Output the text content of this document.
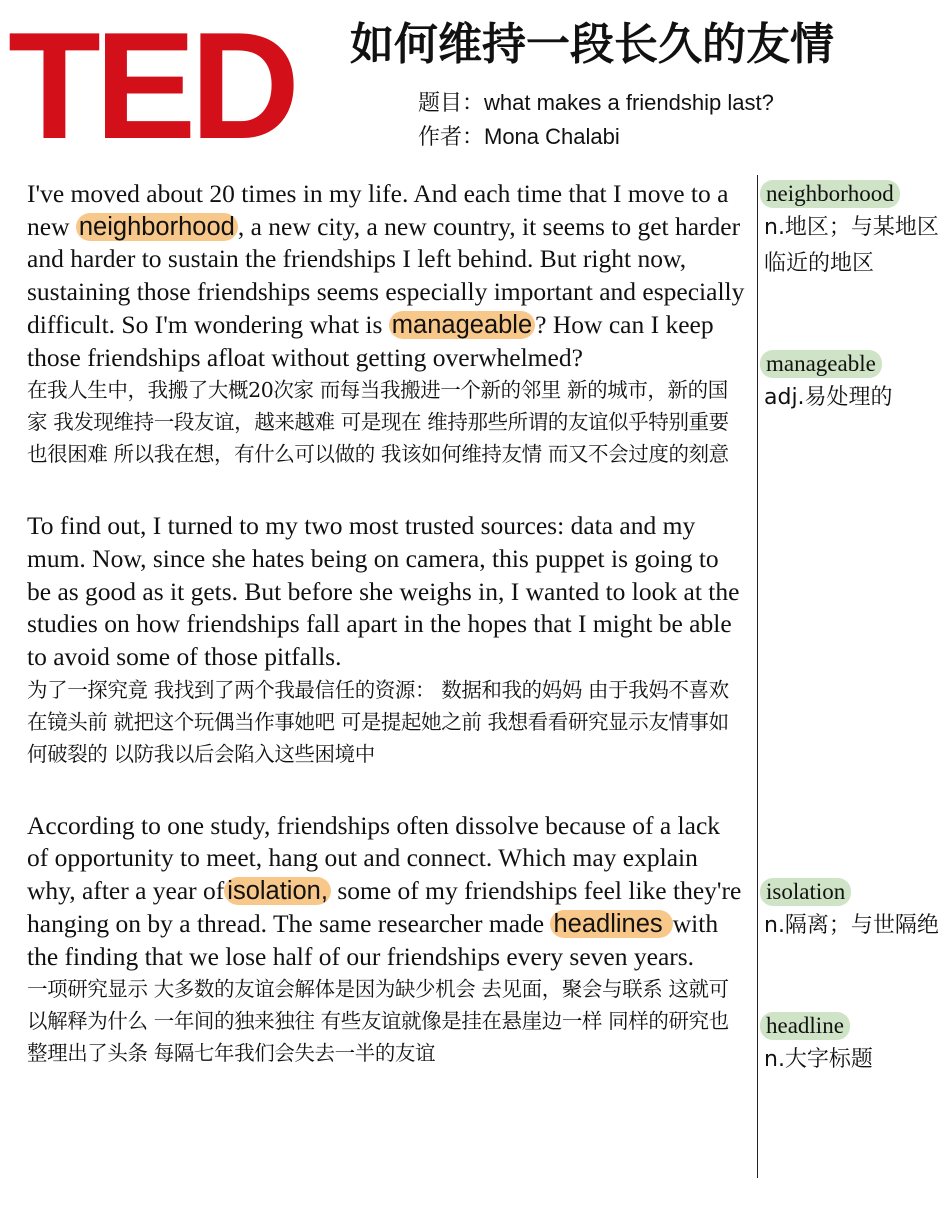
TED 如何维持一段长久的友情
题目：what makes a friendship last?
作者：Mona Chalabi

I've moved about 20 times in my life. And each time that I move to a new neighborhood , a new city, a new country, it seems to get harder and harder to sustain the friendships I left behind. But right now, sustaining those friendships seems especially important and especially difficult. So I'm wondering what is manageable ? How can I keep those friendships afloat without getting overwhelmed?

在我人生中，我搬了大概20次家 而每当我搬进一个新的邻里 新的城市，新的国家 我发现维持一段友谊，越来越难 可是现在 维持那些所谓的友谊似乎特别重要 也很困难 所以我在想，有什么可以做的 我该如何维持友情 而又不会过度的刻意

To find out, I turned to my two most trusted sources: data and my mum. Now, since she hates being on camera, this puppet is going to be as good as it gets. But before she weighs in, I wanted to look at the studies on how friendships fall apart in the hopes that I might be able to avoid some of those pitfalls.

为了一探究竟 我找到了两个我最信任的资源： 数据和我的妈妈 由于我妈不喜欢在镜头前 就把这个玩偶当作事她吧 可是提起她之前 我想看看研究显示友情事如何破裂的 以防我以后会陷入这些困境中

According to one study, friendships often dissolve because of a lack of opportunity to meet, hang out and connect. Which may explain why, after a year of isolation, some of my friendships feel like they're hanging on by a thread. The same researcher made headlines with the finding that we lose half of our friendships every seven years.

一项研究显示 大多数的友谊会解体是因为缺少机会 去见面，聚会与联系 这就可以解释为什么 一年间的独来独往 有些友谊就像是挂在悬崖边一样 同样的研究也整理出了头条 每隔七年我们会失去一半的友谊

neighborhood
n.地区；与某地区临近的地区
manageable
adj.易处理的
isolation
n.隔离；与世隔绝
headline
n.大字标题
